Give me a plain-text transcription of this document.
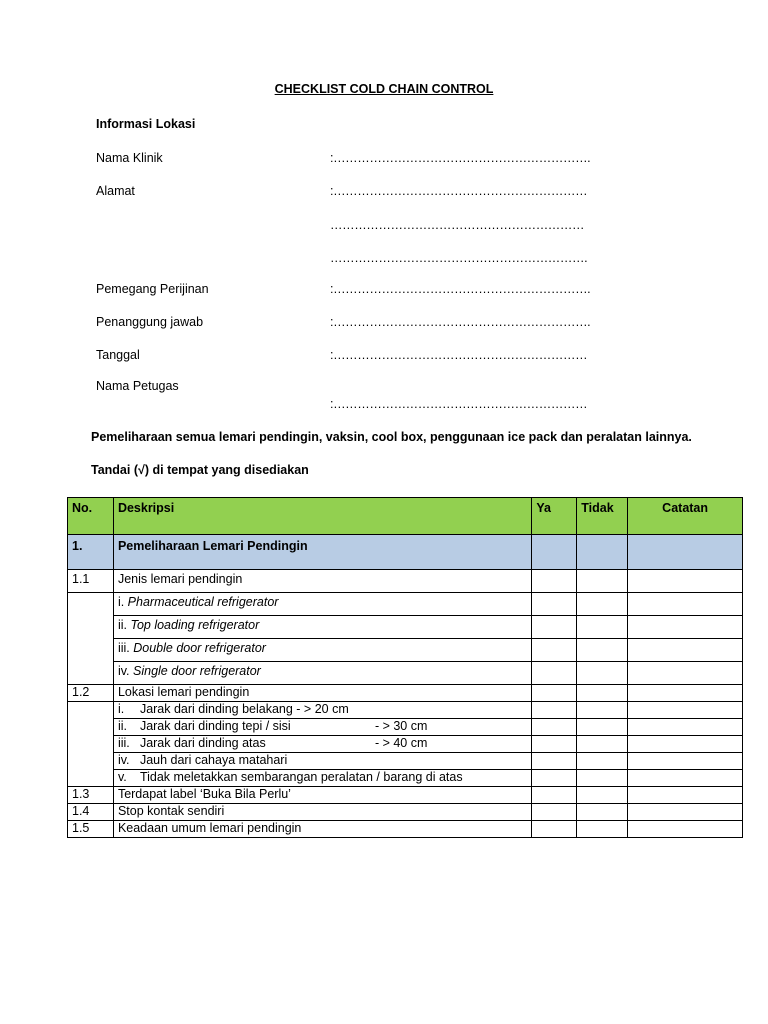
CHECKLIST COLD CHAIN CONTROL
Informasi Lokasi
Nama Klinik	:……………………………………………………….
Alamat	:………………………………………………………
………………………………………………………
……………………………………………………….
Pemegang Perijinan	:……………………………………………………….
Penanggung jawab	:……………………………………………………….
Tanggal	:………………………………………………………
Nama Petugas
:………………………………………………………
Pemeliharaan semua lemari pendingin, vaksin, cool box, penggunaan ice pack dan peralatan lainnya.
Tandai (√) di tempat yang disediakan
No.	Deskripsi	Ya	Tidak	Catatan
1.	Pemeliharaan Lemari Pendingin			
1.1	Jenis lemari pendingin			
	i. Pharmaceutical refrigerator			
	ii. Top loading refrigerator			
	iii. Double door refrigerator			
	iv. Single door refrigerator			
1.2	Lokasi lemari pendingin			
	i. Jarak dari dinding belakang - > 20 cm			
	ii. Jarak dari dinding tepi / sisi - > 30 cm			
	iii. Jarak dari dinding atas - > 40 cm			
	iv. Jauh dari cahaya matahari			
	v. Tidak meletakkan sembarangan peralatan / barang di atas			
1.3	Terdapat label ‘Buka Bila Perlu’			
1.4	Stop kontak sendiri			
1.5	Keadaan umum lemari pendingin			
